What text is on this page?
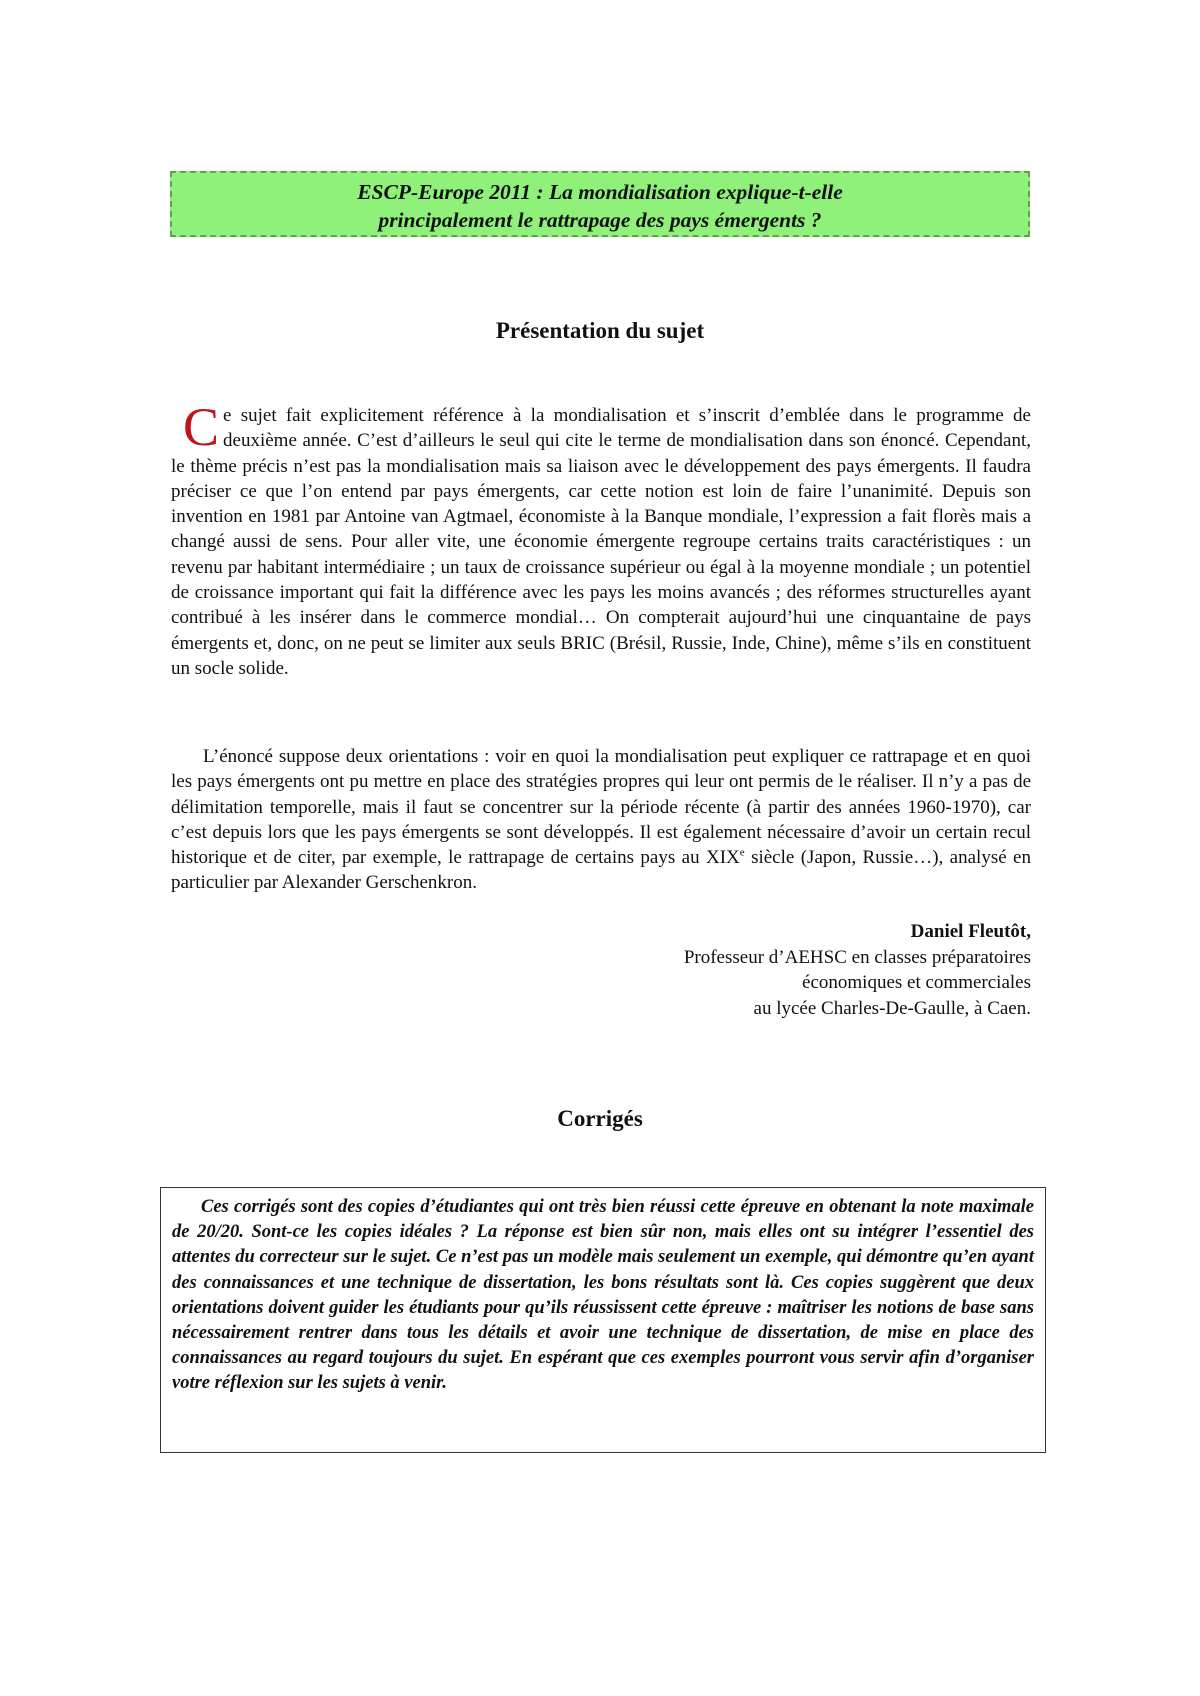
ESCP-Europe 2011 : La mondialisation explique-t-elle
principalement le rattrapage des pays émergents ?
Présentation du sujet
Ce sujet fait explicitement référence à la mondialisation et s’inscrit d’emblée dans le programme de deuxième année. C’est d’ailleurs le seul qui cite le terme de mondialisation dans son énoncé. Cependant, le thème précis n’est pas la mondialisation mais sa liaison avec le développement des pays émergents. Il faudra préciser ce que l’on entend par pays émergents, car cette notion est loin de faire l’unanimité. Depuis son invention en 1981 par Antoine van Agtmael, économiste à la Banque mondiale, l’expression a fait florès mais a changé aussi de sens. Pour aller vite, une économie émergente regroupe certains traits caractéristiques : un revenu par habitant intermédiaire ; un taux de croissance supérieur ou égal à la moyenne mondiale ; un potentiel de croissance important qui fait la différence avec les pays les moins avancés ; des réformes structurelles ayant contribué à les insérer dans le commerce mondial… On compterait aujourd’hui une cinquantaine de pays émergents et, donc, on ne peut se limiter aux seuls BRIC (Brésil, Russie, Inde, Chine), même s’ils en constituent un socle solide.
L’énoncé suppose deux orientations : voir en quoi la mondialisation peut expliquer ce rattrapage et en quoi les pays émergents ont pu mettre en place des stratégies propres qui leur ont permis de le réaliser. Il n’y a pas de délimitation temporelle, mais il faut se concentrer sur la période récente (à partir des années 1960-1970), car c’est depuis lors que les pays émergents se sont développés. Il est également nécessaire d’avoir un certain recul historique et de citer, par exemple, le rattrapage de certains pays au XIXe siècle (Japon, Russie…), analysé en particulier par Alexander Gerschenkron.
Daniel Fleutôt,
Professeur d’AEHSC en classes préparatoires
économiques et commerciales
au lycée Charles-De-Gaulle, à Caen.
Corrigés
Ces corrigés sont des copies d’étudiantes qui ont très bien réussi cette épreuve en obtenant la note maximale de 20/20. Sont-ce les copies idéales ? La réponse est bien sûr non, mais elles ont su intégrer l’essentiel des attentes du correcteur sur le sujet. Ce n’est pas un modèle mais seulement un exemple, qui démontre qu’en ayant des connaissances et une technique de dissertation, les bons résultats sont là. Ces copies suggèrent que deux orientations doivent guider les étudiants pour qu’ils réussissent cette épreuve : maîtriser les notions de base sans nécessairement rentrer dans tous les détails et avoir une technique de dissertation, de mise en place des connaissances au regard toujours du sujet. En espérant que ces exemples pourront vous servir afin d’organiser votre réflexion sur les sujets à venir.
